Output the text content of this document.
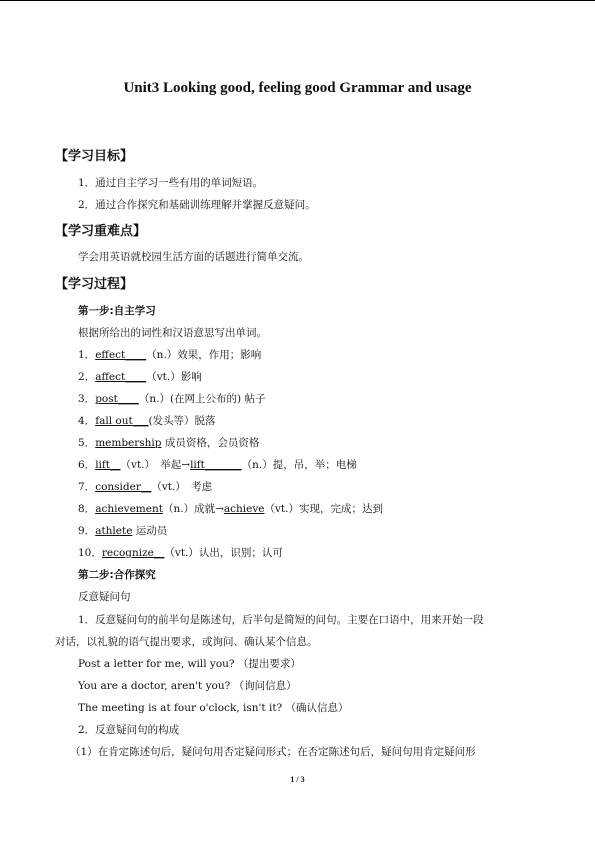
Unit3 Looking good, feeling good Grammar and usage
【学习目标】
1．通过自主学习一些有用的单词短语。
2．通过合作探究和基础训练理解并掌握反意疑问。
【学习重难点】
学会用英语就校园生活方面的话题进行简单交流。
【学习过程】
第一步:自主学习
根据所给出的词性和汉语意思写出单词。
1．effect____（n.）效果，作用；影响
2．affect____（vt.）影响
3．post____（n.）(在网上公布的) 帖子
4．fall out___(发头等）脱落
5．membership 成员资格，会员资格
6．lift__（vt.）　举起→lift_______（n.）提，吊，举；电梯
7．consider__（vt.）　考虑
8．achievement（n.）成就→achieve（vt.）实现，完成；达到
9．athlete 运动员
10．recognize__（vt.）认出，识别；认可
第二步:合作探究
反意疑问句
1．反意疑问句的前半句是陈述句，后半句是简短的问句。主要在口语中，用来开始一段
对话，以礼貌的语气提出要求，或询问、确认某个信息。
Post a letter for me, will you? （提出要求）
You are a doctor, aren't you? （询问信息）
The meeting is at four o'clock, isn't it? （确认信息）
2．反意疑问句的构成
（1）在肯定陈述句后，疑问句用否定疑问形式；在否定陈述句后，疑问句用肯定疑问形
1 / 3
